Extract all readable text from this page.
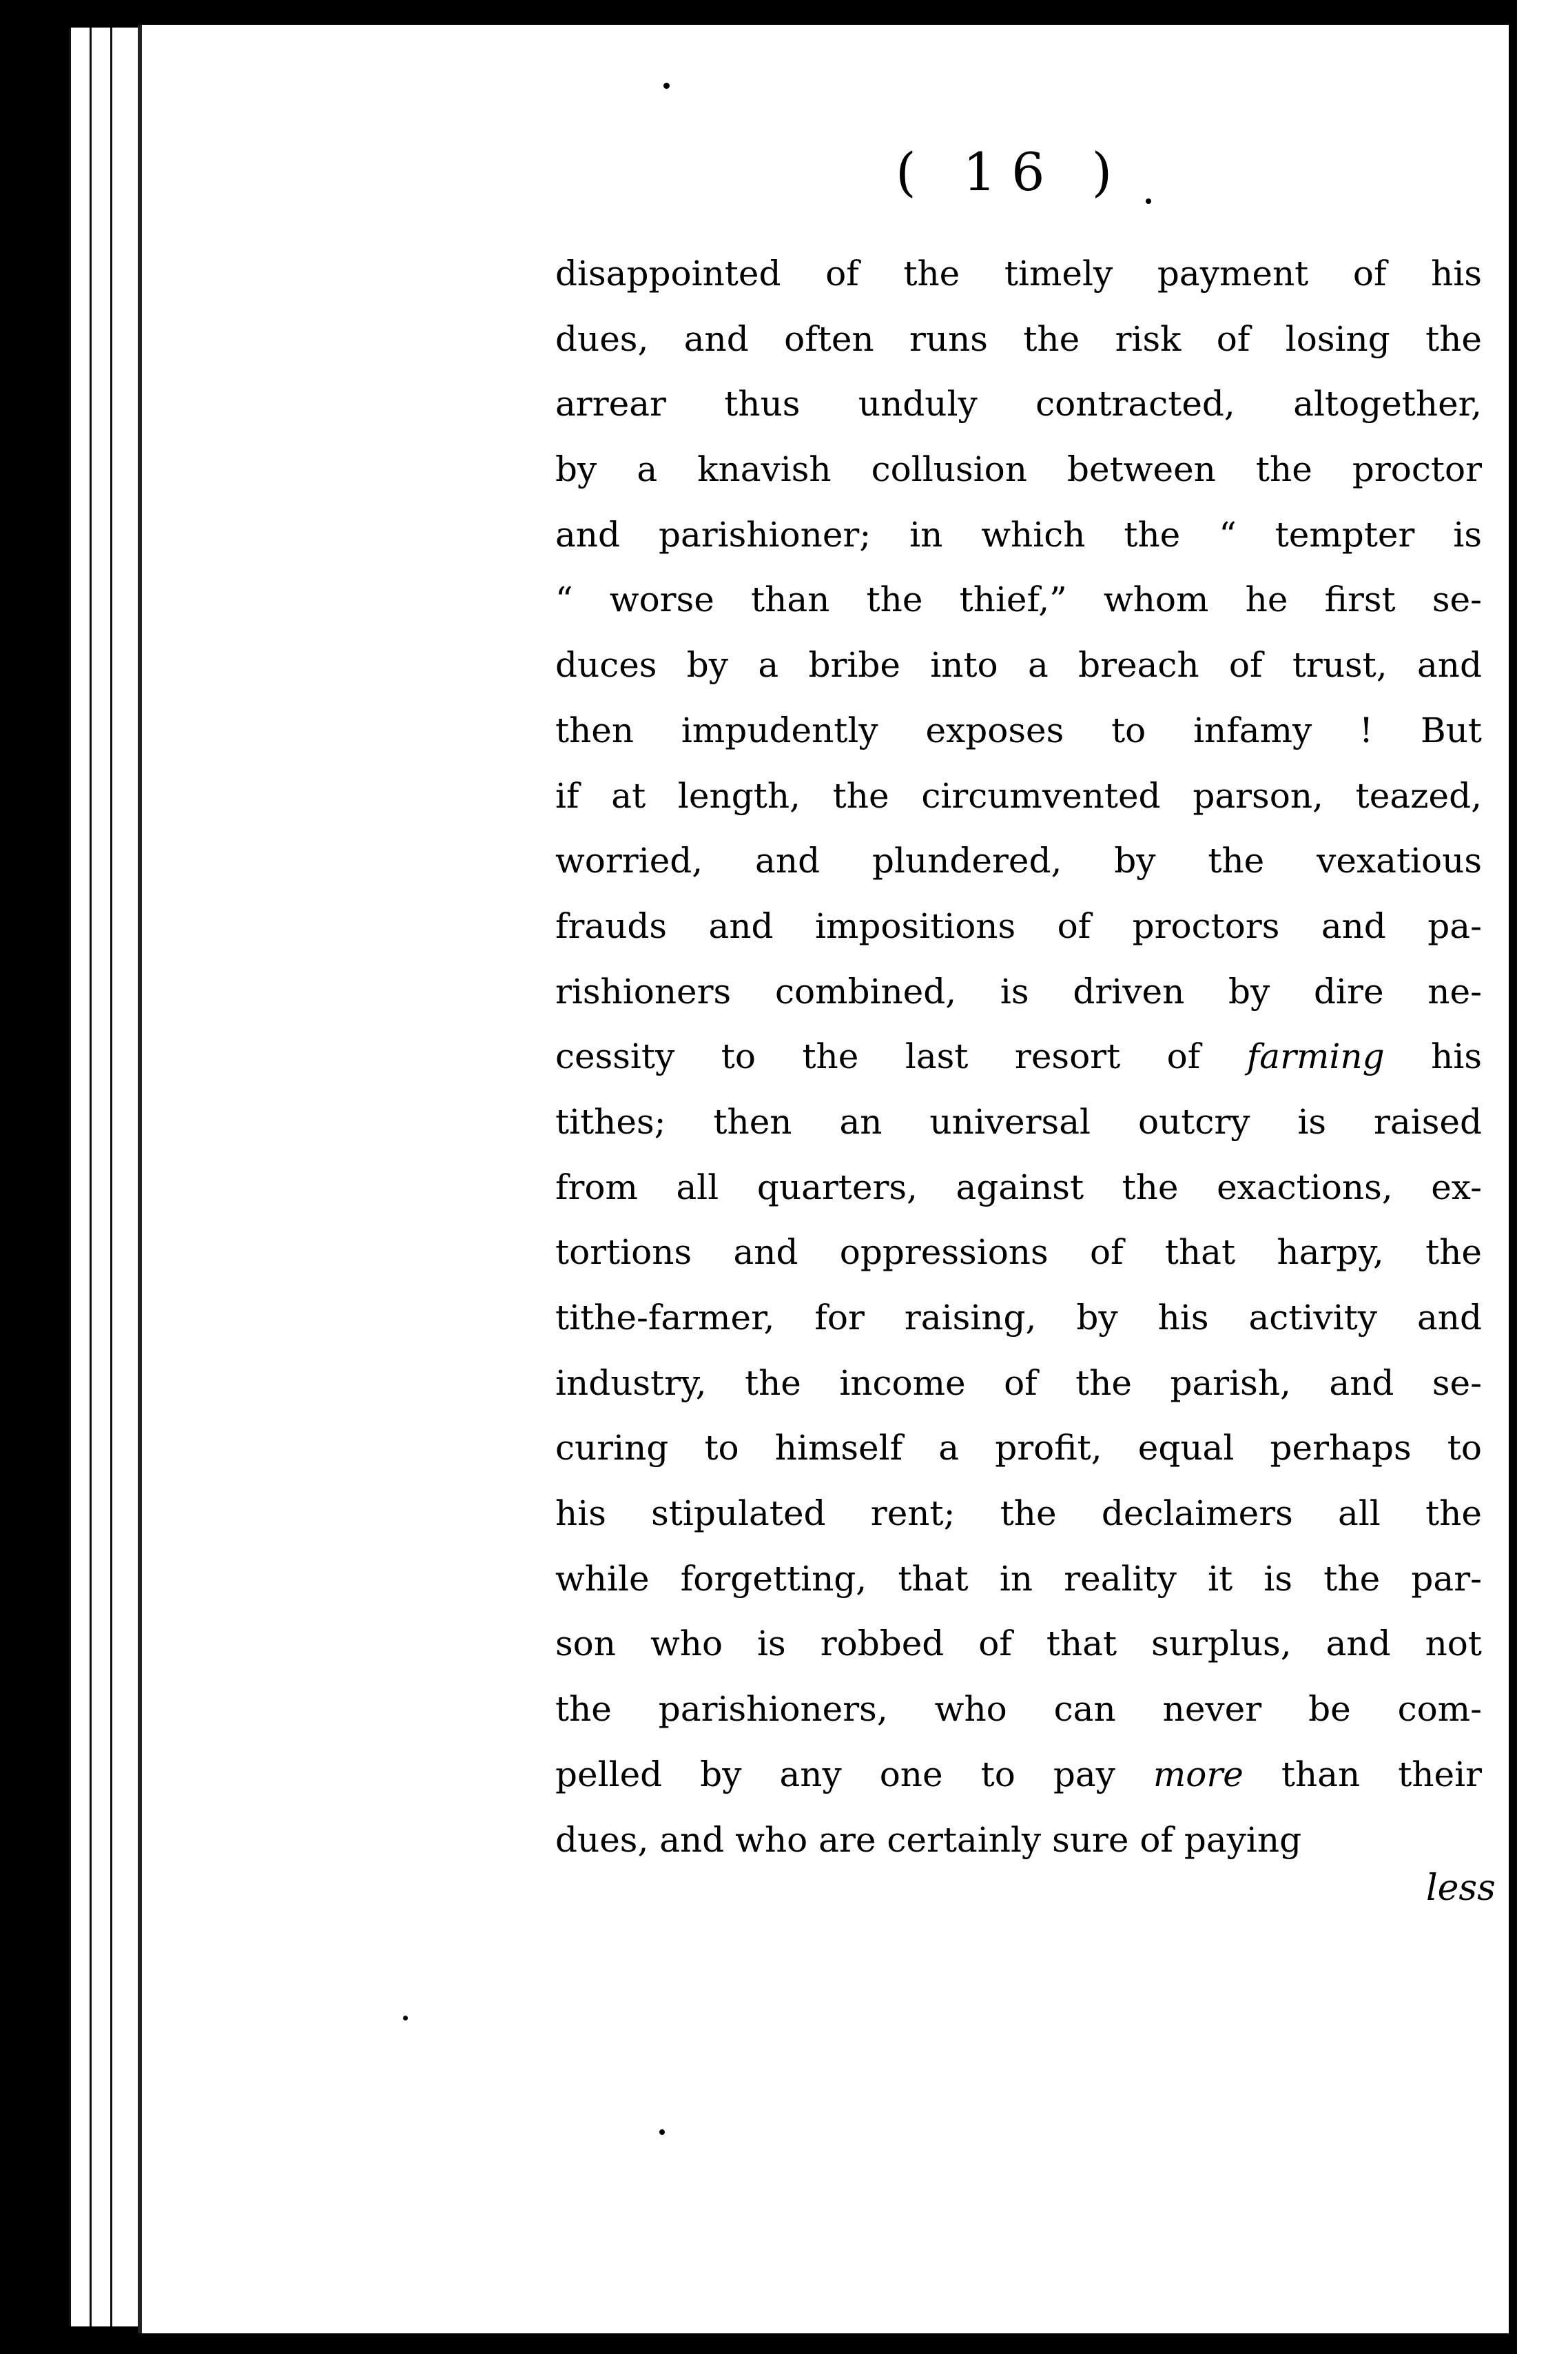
( 16 )
disappointed of the timely payment of his
dues, and often runs the risk of losing the
arrear thus unduly contracted, altogether,
by a knavish collusion between the proctor
and parishioner; in which the “ tempter is
“ worse than the thief,” whom he first se-
duces by a bribe into a breach of trust, and
then impudently exposes to infamy ! But
if at length, the circumvented parson, teazed,
worried, and plundered, by the vexatious
frauds and impositions of proctors and pa-
rishioners combined, is driven by dire ne-
cessity to the last resort of farming his
tithes; then an universal outcry is raised
from all quarters, against the exactions, ex-
tortions and oppressions of that harpy, the
tithe-farmer, for raising, by his activity and
industry, the income of the parish, and se-
curing to himself a profit, equal perhaps to
his stipulated rent; the declaimers all the
while forgetting, that in reality it is the par-
son who is robbed of that surplus, and not
the parishioners, who can never be com-
pelled by any one to pay more than their
dues, and who are certainly sure of paying
less
